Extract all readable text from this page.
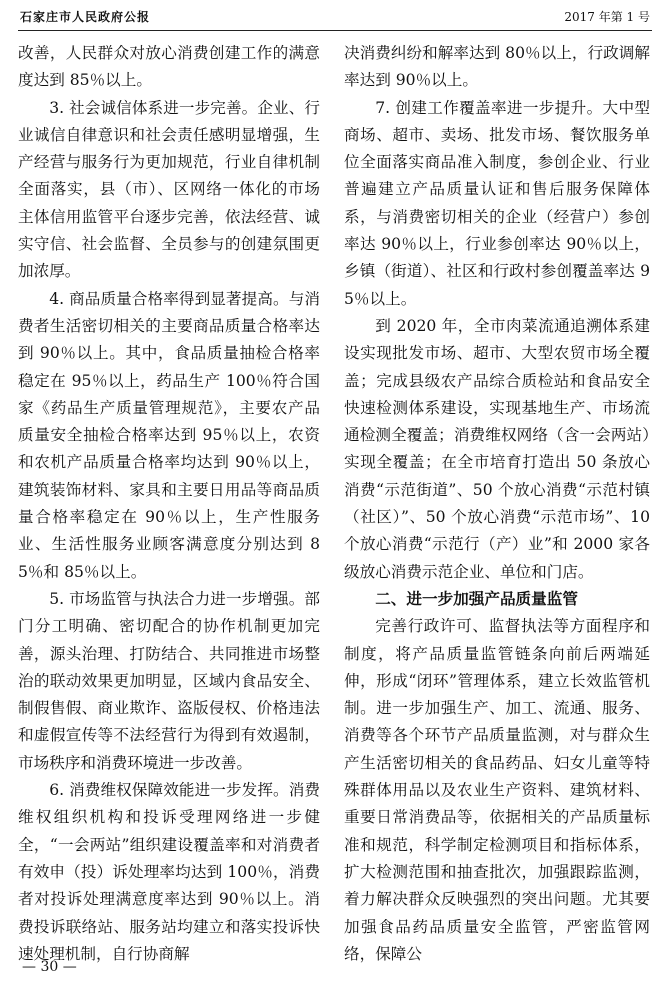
石家庄市人民政府公报	2017 年第 1 号

改善，人民群众对放心消费创建工作的满意度达到 85％以上。

3. 社会诚信体系进一步完善。企业、行业诚信自律意识和社会责任感明显增强，生产经营与服务行为更加规范，行业自律机制全面落实，县（市）、区网络一体化的市场主体信用监管平台逐步完善，依法经营、诚实守信、社会监督、全员参与的创建氛围更加浓厚。

4. 商品质量合格率得到显著提高。与消费者生活密切相关的主要商品质量合格率达到 90％以上。其中，食品质量抽检合格率稳定在 95％以上，药品生产 100％符合国家《药品生产质量管理规范》，主要农产品质量安全抽检合格率达到 95％以上，农资和农机产品质量合格率均达到 90％以上，建筑装饰材料、家具和主要日用品等商品质量合格率稳定在 90％以上，生产性服务业、生活性服务业顾客满意度分别达到 85％和 85％以上。

5. 市场监管与执法合力进一步增强。部门分工明确、密切配合的协作机制更加完善，源头治理、打防结合、共同推进市场整治的联动效果更加明显，区域内食品安全、制假售假、商业欺诈、盗版侵权、价格违法和虚假宣传等不法经营行为得到有效遏制，市场秩序和消费环境进一步改善。

6. 消费维权保障效能进一步发挥。消费维权组织机构和投诉受理网络进一步健全，“一会两站”组织建设覆盖率和对消费者有效申（投）诉处理率均达到 100％，消费者对投诉处理满意度率达到 90％以上。消费投诉联络站、服务站均建立和落实投诉快速处理机制，自行协商解

决消费纠纷和解率达到 80％以上，行政调解率达到 90％以上。

7. 创建工作覆盖率进一步提升。大中型商场、超市、卖场、批发市场、餐饮服务单位全面落实商品准入制度，参创企业、行业普遍建立产品质量认证和售后服务保障体系，与消费密切相关的企业（经营户）参创率达 90％以上，行业参创率达 90％以上，乡镇（街道）、社区和行政村参创覆盖率达 95％以上。

到 2020 年，全市肉菜流通追溯体系建设实现批发市场、超市、大型农贸市场全覆盖；完成县级农产品综合质检站和食品安全快速检测体系建设，实现基地生产、市场流通检测全覆盖；消费维权网络（含一会两站）实现全覆盖；在全市培育打造出 50 条放心消费“示范街道”、50 个放心消费“示范村镇（社区）”、50 个放心消费“示范市场”、10 个放心消费“示范行（产）业”和 2000 家各级放心消费示范企业、单位和门店。

二、进一步加强产品质量监管

完善行政许可、监督执法等方面程序和制度，将产品质量监管链条向前后两端延伸，形成“闭环”管理体系，建立长效监管机制。进一步加强生产、加工、流通、服务、消费等各个环节产品质量监测，对与群众生产生活密切相关的食品药品、妇女儿童等特殊群体用品以及农业生产资料、建筑材料、重要日常消费品等，依据相关的产品质量标准和规范，科学制定检测项目和指标体系，扩大检测范围和抽查批次，加强跟踪监测，着力解决群众反映强烈的突出问题。尤其要加强食品药品质量安全监管，严密监管网络，保障公

— 30 —
